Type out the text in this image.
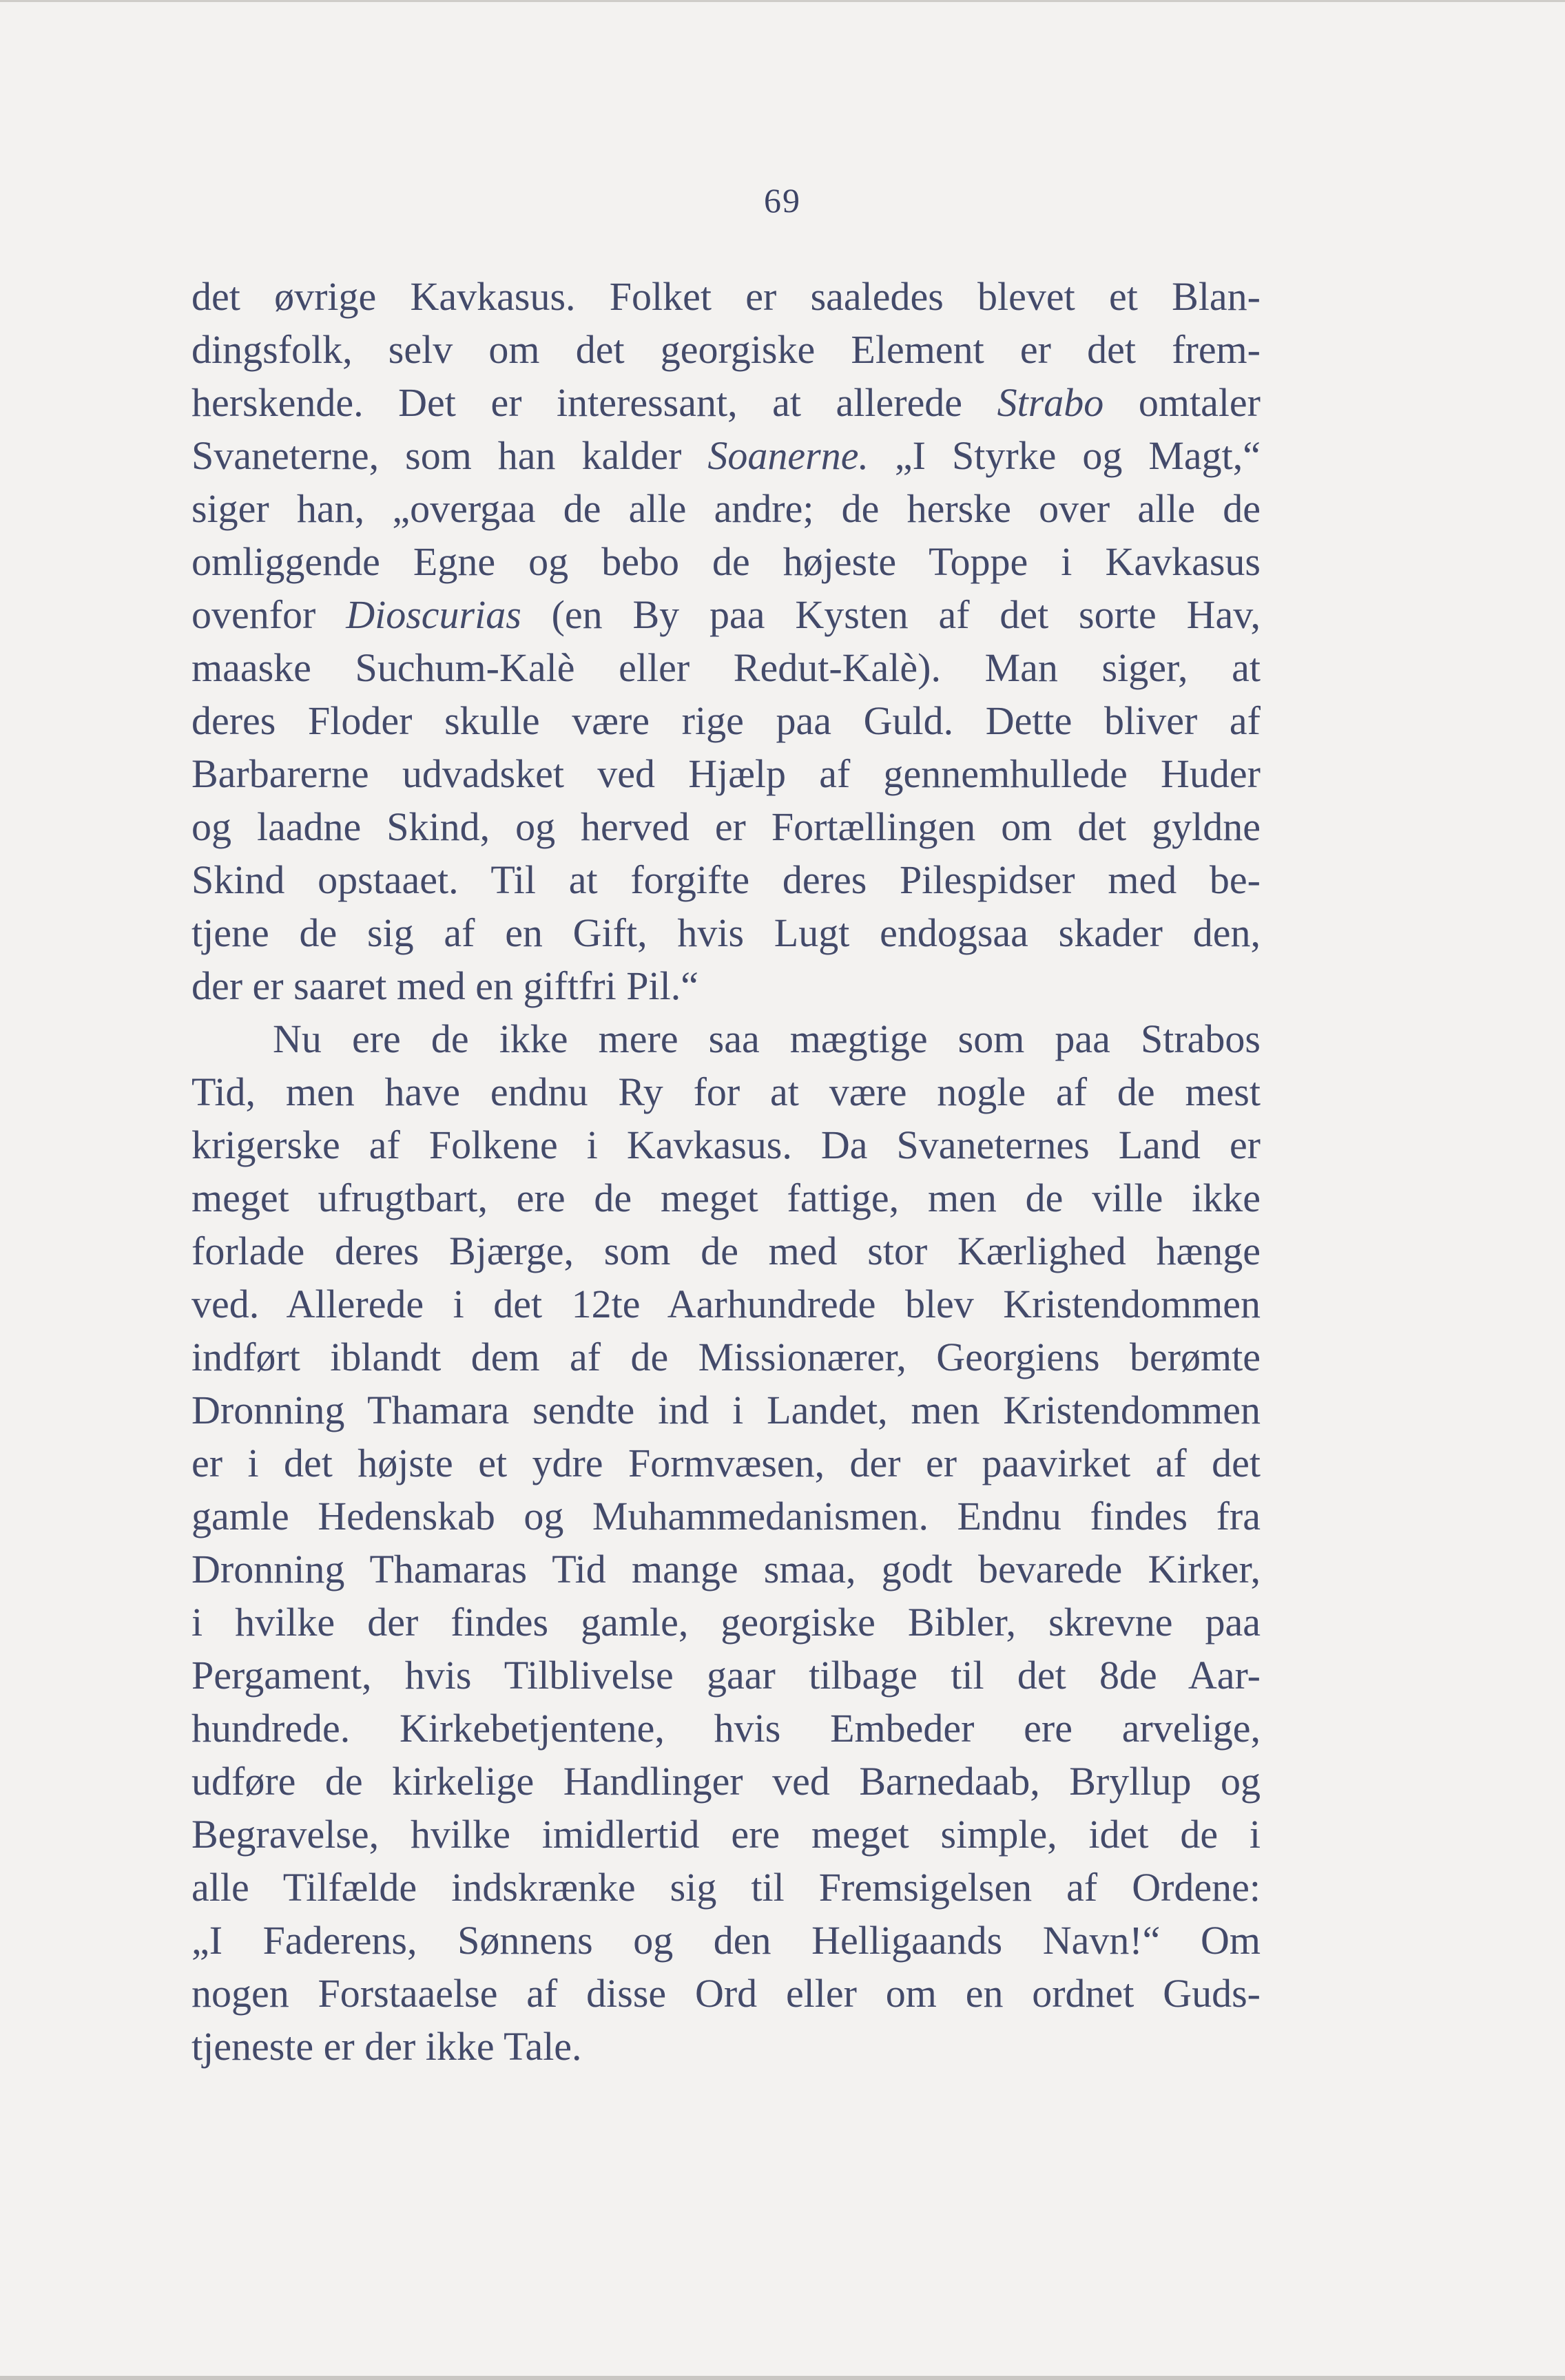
69
det øvrige Kavkasus. Folket er saaledes blevet et Blan-
dingsfolk, selv om det georgiske Element er det frem-
herskende. Det er interessant, at allerede Strabo omtaler
Svaneterne, som han kalder Soanerne. „I Styrke og Magt,“
siger han, „overgaa de alle andre; de herske over alle de
omliggende Egne og bebo de højeste Toppe i Kavkasus
ovenfor Dioscurias (en By paa Kysten af det sorte Hav,
maaske Suchum-Kalè eller Redut-Kalè). Man siger, at
deres Floder skulle være rige paa Guld. Dette bliver af
Barbarerne udvadsket ved Hjælp af gennemhullede Huder
og laadne Skind, og herved er Fortællingen om det gyldne
Skind opstaaet. Til at forgifte deres Pilespidser med be-
tjene de sig af en Gift, hvis Lugt endogsaa skader den,
der er saaret med en giftfri Pil.“
Nu ere de ikke mere saa mægtige som paa Strabos
Tid, men have endnu Ry for at være nogle af de mest
krigerske af Folkene i Kavkasus. Da Svaneternes Land er
meget ufrugtbart, ere de meget fattige, men de ville ikke
forlade deres Bjærge, som de med stor Kærlighed hænge
ved. Allerede i det 12te Aarhundrede blev Kristendommen
indført iblandt dem af de Missionærer, Georgiens berømte
Dronning Thamara sendte ind i Landet, men Kristendommen
er i det højste et ydre Formvæsen, der er paavirket af det
gamle Hedenskab og Muhammedanismen. Endnu findes fra
Dronning Thamaras Tid mange smaa, godt bevarede Kirker,
i hvilke der findes gamle, georgiske Bibler, skrevne paa
Pergament, hvis Tilblivelse gaar tilbage til det 8de Aar-
hundrede. Kirkebetjentene, hvis Embeder ere arvelige,
udføre de kirkelige Handlinger ved Barnedaab, Bryllup og
Begravelse, hvilke imidlertid ere meget simple, idet de i
alle Tilfælde indskrænke sig til Fremsigelsen af Ordene:
„I Faderens, Sønnens og den Helligaands Navn!“ Om
nogen Forstaaelse af disse Ord eller om en ordnet Guds-
tjeneste er der ikke Tale.
